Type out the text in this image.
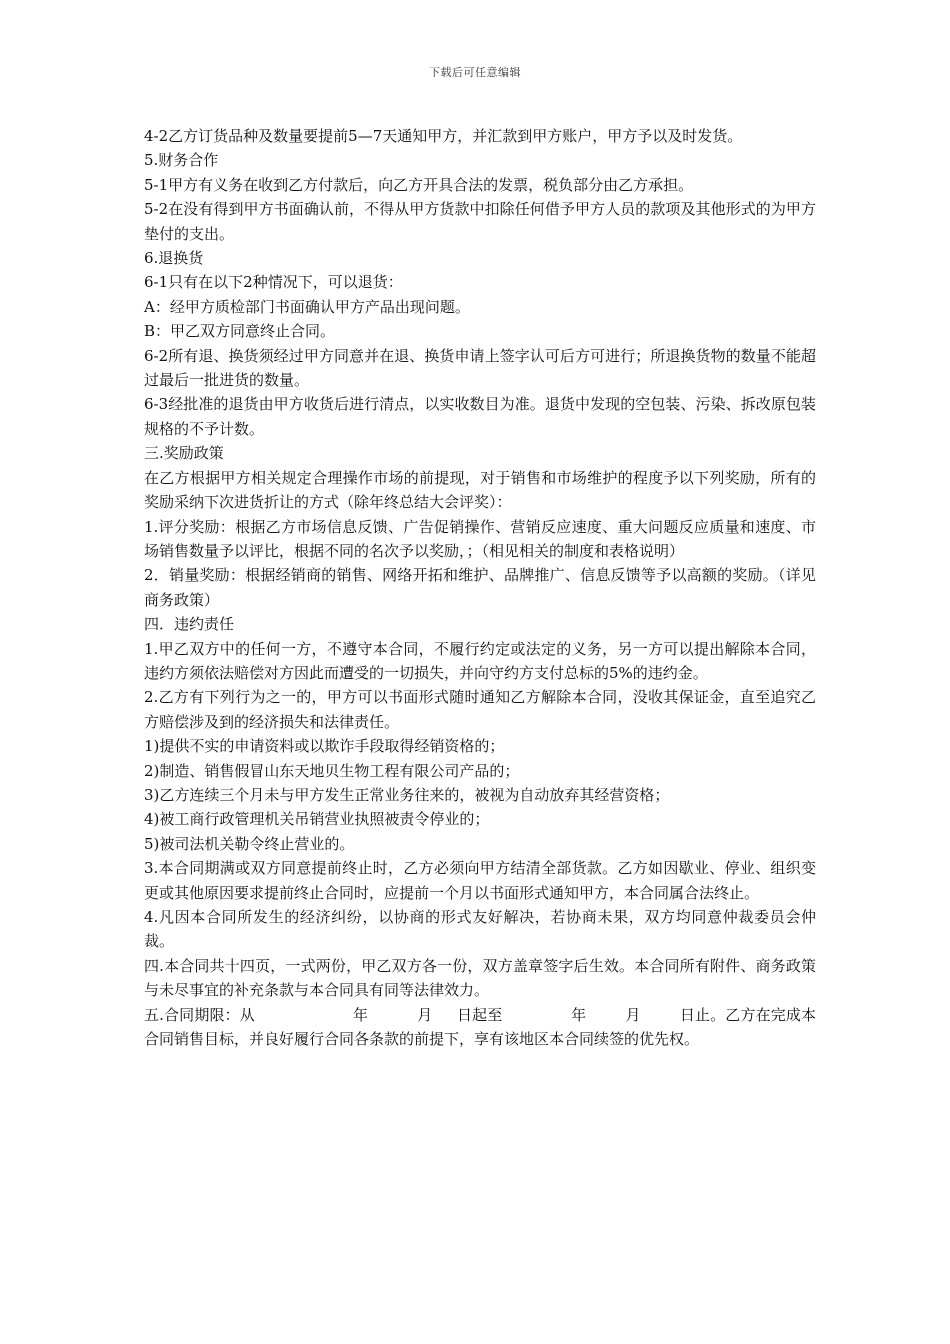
下载后可任意编辑

4-2乙方订货品种及数量要提前5—7天通知甲方，并汇款到甲方账户，甲方予以及时发货。

5.财务合作

5-1甲方有义务在收到乙方付款后，向乙方开具合法的发票，税负部分由乙方承担。

5-2在没有得到甲方书面确认前，不得从甲方货款中扣除任何借予甲方人员的款项及其他形式的为甲方垫付的支出。

6.退换货

6-1只有在以下2种情况下，可以退货：

A：经甲方质检部门书面确认甲方产品出现问题。

B：甲乙双方同意终止合同。

6-2所有退、换货须经过甲方同意并在退、换货申请上签字认可后方可进行；所退换货物的数量不能超过最后一批进货的数量。

6-3经批准的退货由甲方收货后进行清点，以实收数目为准。退货中发现的空包装、污染、拆改原包装规格的不予计数。

三.奖励政策

在乙方根据甲方相关规定合理操作市场的前提现，对于销售和市场维护的程度予以下列奖励，所有的奖励采纳下次进货折让的方式（除年终总结大会评奖）：

1.评分奖励：根据乙方市场信息反馈、广告促销操作、营销反应速度、重大问题反应质量和速度、市场销售数量予以评比，根据不同的名次予以奖励，；（相见相关的制度和表格说明）

2．销量奖励：根据经销商的销售、网络开拓和维护、品牌推广、信息反馈等予以高额的奖励。（详见商务政策）

四．违约责任

1.甲乙双方中的任何一方，不遵守本合同，不履行约定或法定的义务，另一方可以提出解除本合同，违约方须依法赔偿对方因此而遭受的一切损失，并向守约方支付总标的5%的违约金。

2.乙方有下列行为之一的，甲方可以书面形式随时通知乙方解除本合同，没收其保证金，直至追究乙方赔偿涉及到的经济损失和法律责任。

1)提供不实的申请资料或以欺诈手段取得经销资格的；

2)制造、销售假冒山东天地贝生物工程有限公司产品的；

3)乙方连续三个月未与甲方发生正常业务往来的，被视为自动放弃其经营资格；

4)被工商行政管理机关吊销营业执照被责令停业的；

5)被司法机关勒令终止营业的。

3.本合同期满或双方同意提前终止时，乙方必须向甲方结清全部货款。乙方如因歇业、停业、组织变更或其他原因要求提前终止合同时，应提前一个月以书面形式通知甲方，本合同属合法终止。

4.凡因本合同所发生的经济纠纷，以协商的形式友好解决，若协商未果，双方均同意仲裁委员会仲裁。

四.本合同共十四页，一式两份，甲乙双方各一份，双方盖章签字后生效。本合同所有附件、商务政策与未尽事宜的补充条款与本合同具有同等法律效力。

五.合同期限：从                    年          月     日起至              年        月        日止。乙方在完成本合同销售目标，并良好履行合同各条款的前提下，享有该地区本合同续签的优先权。
